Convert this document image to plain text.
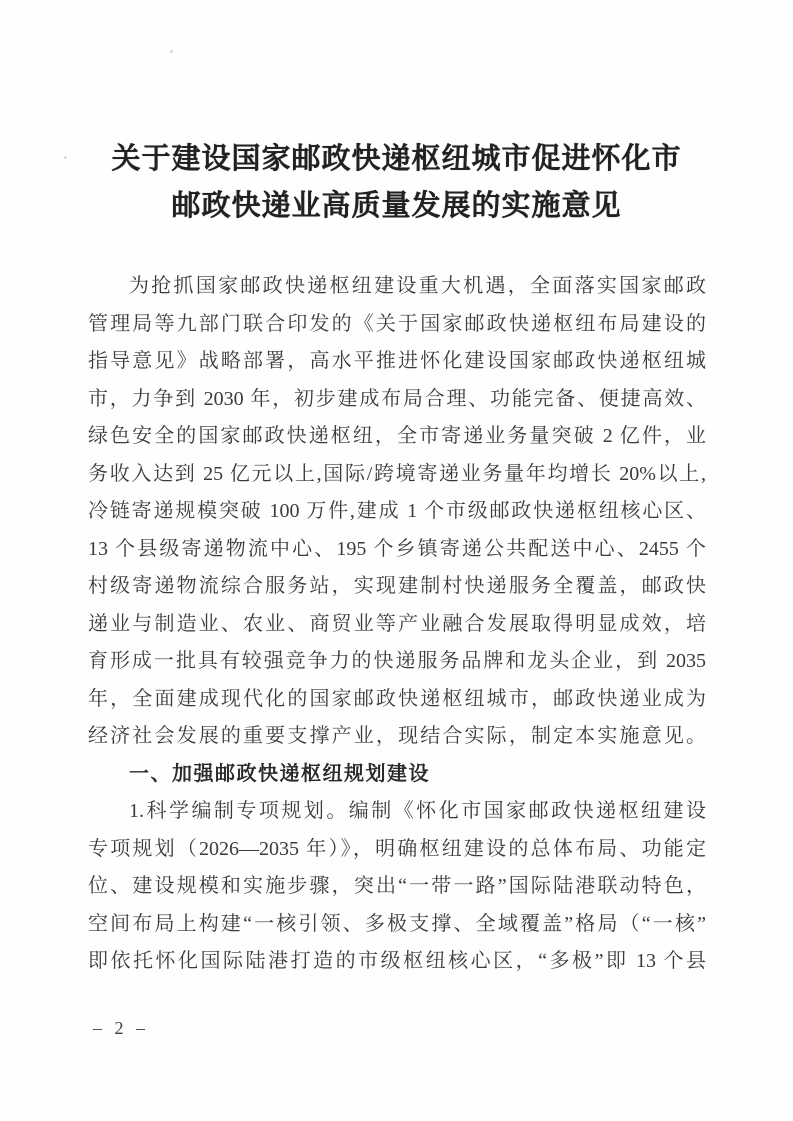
关于建设国家邮政快递枢纽城市促进怀化市
邮政快递业高质量发展的实施意见
为抢抓国家邮政快递枢纽建设重大机遇，全面落实国家邮政
管理局等九部门联合印发的《关于国家邮政快递枢纽布局建设的
指导意见》战略部署，高水平推进怀化建设国家邮政快递枢纽城
市，力争到 2030 年，初步建成布局合理、功能完备、便捷高效、
绿色安全的国家邮政快递枢纽，全市寄递业务量突破 2 亿件，业
务收入达到 25 亿元以上,国际/跨境寄递业务量年均增长 20%以上,
冷链寄递规模突破 100 万件,建成 1 个市级邮政快递枢纽核心区、
13 个县级寄递物流中心、195 个乡镇寄递公共配送中心、2455 个
村级寄递物流综合服务站，实现建制村快递服务全覆盖，邮政快
递业与制造业、农业、商贸业等产业融合发展取得明显成效，培
育形成一批具有较强竞争力的快递服务品牌和龙头企业，到 2035
年，全面建成现代化的国家邮政快递枢纽城市，邮政快递业成为
经济社会发展的重要支撑产业，现结合实际，制定本实施意见。
一、加强邮政快递枢纽规划建设
1.科学编制专项规划。编制《怀化市国家邮政快递枢纽建设
专项规划（2026—2035 年）》，明确枢纽建设的总体布局、功能定
位、建设规模和实施步骤，突出“一带一路”国际陆港联动特色，
空间布局上构建“一核引领、多极支撑、全域覆盖”格局（“一核”
即依托怀化国际陆港打造的市级枢纽核心区，“多极”即 13 个县
– 2 –
